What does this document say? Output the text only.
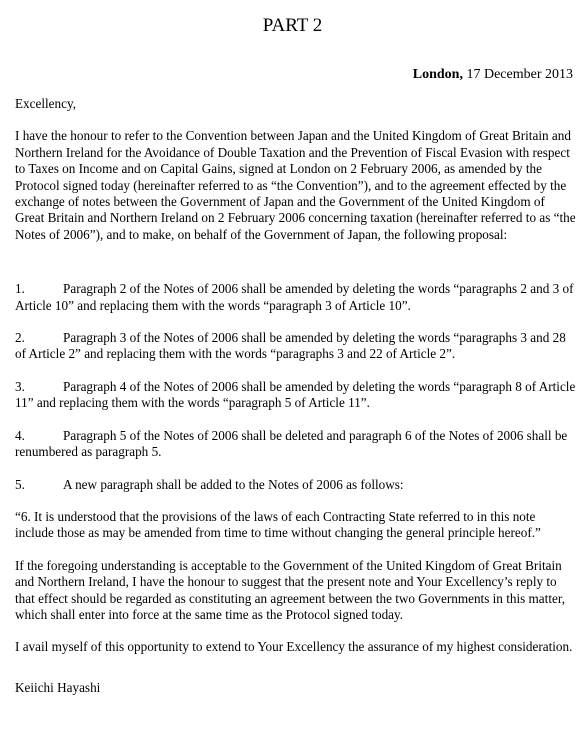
PART 2
London, 17 December 2013

Excellency,

I have the honour to refer to the Convention between Japan and the United Kingdom of Great Britain and Northern Ireland for the Avoidance of Double Taxation and the Prevention of Fiscal Evasion with respect to Taxes on Income and on Capital Gains, signed at London on 2 February 2006, as amended by the Protocol signed today (hereinafter referred to as “the Convention”), and to the agreement effected by the exchange of notes between the Government of Japan and the Government of the United Kingdom of Great Britain and Northern Ireland on 2 February 2006 concerning taxation (hereinafter referred to as “the Notes of 2006”), and to make, on behalf of the Government of Japan, the following proposal:

1.	Paragraph 2 of the Notes of 2006 shall be amended by deleting the words “paragraphs 2 and 3 of Article 10” and replacing them with the words “paragraph 3 of Article 10”.

2.	Paragraph 3 of the Notes of 2006 shall be amended by deleting the words “paragraphs 3 and 28 of Article 2” and replacing them with the words “paragraphs 3 and 22 of Article 2”.

3.	Paragraph 4 of the Notes of 2006 shall be amended by deleting the words “paragraph 8 of Article 11” and replacing them with the words “paragraph 5 of Article 11”.

4.	Paragraph 5 of the Notes of 2006 shall be deleted and paragraph 6 of the Notes of 2006 shall be renumbered as paragraph 5.

5.	A new paragraph shall be added to the Notes of 2006 as follows:

“6. It is understood that the provisions of the laws of each Contracting State referred to in this note include those as may be amended from time to time without changing the general principle hereof.”

If the foregoing understanding is acceptable to the Government of the United Kingdom of Great Britain and Northern Ireland, I have the honour to suggest that the present note and Your Excellency’s reply to that effect should be regarded as constituting an agreement between the two Governments in this matter, which shall enter into force at the same time as the Protocol signed today.

I avail myself of this opportunity to extend to Your Excellency the assurance of my highest consideration.

Keiichi Hayashi
